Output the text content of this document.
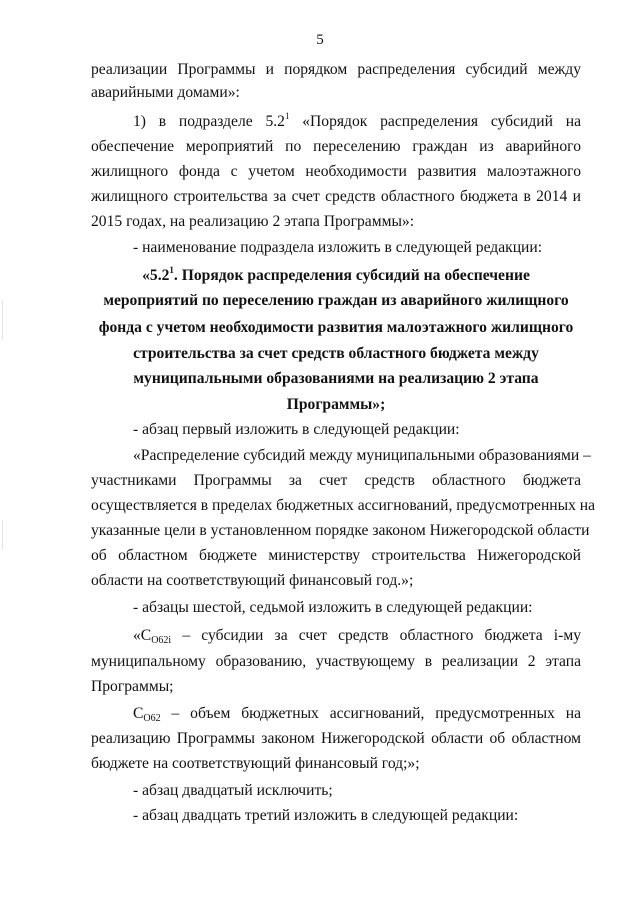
5
реализации Программы и порядком распределения субсидий между
аварийными домами»:
1) в подразделе $5.2^1$ «Порядок распределения субсидий на
обеспечение мероприятий по переселению граждан из аварийного
жилищного фонда с учетом необходимости развития малоэтажного
жилищного строительства за счет средств областного бюджета в 2014 и
2015 годах, на реализацию 2 этапа Программы»:
- наименование подраздела изложить в следующей редакции:
«$5.2^1$. Порядок распределения субсидий на обеспечение
мероприятий по переселению граждан из аварийного жилищного
фонда с учетом необходимости развития малоэтажного жилищного
строительства за счет средств областного бюджета между
муниципальными образованиями на реализацию 2 этапа
Программы»;
- абзац первый изложить в следующей редакции:
«Распределение субсидий между муниципальными образованиями –
участниками Программы за счет средств областного бюджета
осуществляется в пределах бюджетных ассигнований, предусмотренных на
указанные цели в установленном порядке законом Нижегородской области
об областном бюджете министерству строительства Нижегородской
области на соответствующий финансовый год.»;
- абзацы шестой, седьмой изложить в следующей редакции:
«$С_{О62i}$ – субсидии за счет средств областного бюджета i-му
муниципальному образованию, участвующему в реализации 2 этапа
Программы;
$С_{О62}$ – объем бюджетных ассигнований, предусмотренных на
реализацию Программы законом Нижегородской области об областном
бюджете на соответствующий финансовый год;»;
- абзац двадцатый исключить;
- абзац двадцать третий изложить в следующей редакции:
